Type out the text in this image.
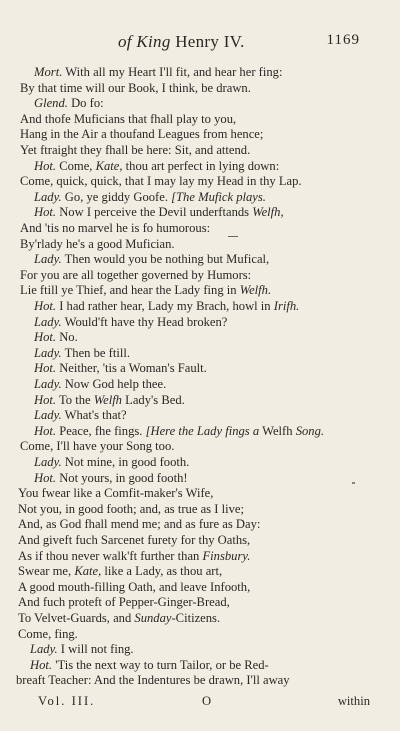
of King Henry IV.	1169
Mort. With all my Heart I'll fit, and hear her fing:
By that time will our Book, I think, be drawn.
Glend. Do fo:
And thofe Muficians that fhall play to you,
Hang in the Air a thoufand Leagues from hence;
Yet ftraight they fhall be here: Sit, and attend.
Hot. Come, Kate, thou art perfect in lying down:
Come, quick, quick, that I may lay my Head in thy Lap.
Lady. Go, ye giddy Goofe. [The Mufick plays.
Hot. Now I perceive the Devil underftands Welfh,
And 'tis no marvel he is fo humorous:
By'rlady he's a good Mufician.
Lady. Then would you be nothing but Mufical,
For you are all together governed by Humors:
Lie ftill ye Thief, and hear the Lady fing in Welfh.
Hot. I had rather hear, Lady my Brach, howl in Irifh.
Lady. Would'ft have thy Head broken?
Hot. No.
Lady. Then be ftill.
Hot. Neither, 'tis a Woman's Fault.
Lady. Now God help thee.
Hot. To the Welfh Lady's Bed.
Lady. What's that?
Hot. Peace, fhe fings. [Here the Lady fings a Welfh Song.
Come, I'll have your Song too.
Lady. Not mine, in good footh.
Hot. Not yours, in good footh!
You fwear like a Comfit-maker's Wife,
Not you, in good footh; and, as true as I live;
And, as God fhall mend me; and as fure as Day:
And giveft fuch Sarcenet furety for thy Oaths,
As if thou never walk'ft further than Finsbury.
Swear me, Kate, like a Lady, as thou art,
A good mouth-filling Oath, and leave Infooth,
And fuch proteft of Pepper-Ginger-Bread,
To Velvet-Guards, and Sunday-Citizens.
Come, fing.
Lady. I will not fing.
Hot. 'Tis the next way to turn Tailor, or be Red-
breaft Teacher: And the Indentures be drawn, I'll away
Vol. III.	O	within
